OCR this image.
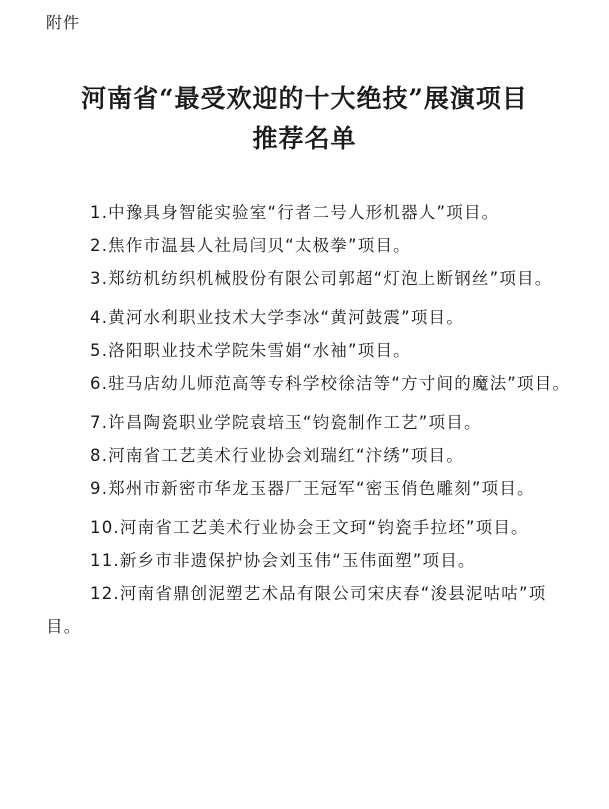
附件
河南省“最受欢迎的十大绝技”展演项目
推荐名单
1.中豫具身智能实验室“行者二号人形机器人”项目。
2.焦作市温县人社局闫贝“太极拳”项目。
3.郑纺机纺织机械股份有限公司郭超“灯泡上断钢丝”项目。
4.黄河水利职业技术大学李冰“黄河鼓震”项目。
5.洛阳职业技术学院朱雪娟“水袖”项目。
6.驻马店幼儿师范高等专科学校徐洁等“方寸间的魔法”项目。
7.许昌陶瓷职业学院袁培玉“钧瓷制作工艺”项目。
8.河南省工艺美术行业协会刘瑞红“汴绣”项目。
9.郑州市新密市华龙玉器厂王冠军“密玉俏色雕刻”项目。
10.河南省工艺美术行业协会王文珂“钧瓷手拉坯”项目。
11.新乡市非遗保护协会刘玉伟“玉伟面塑”项目。
12.河南省鼎创泥塑艺术品有限公司宋庆春“浚县泥咕咕”项目。
